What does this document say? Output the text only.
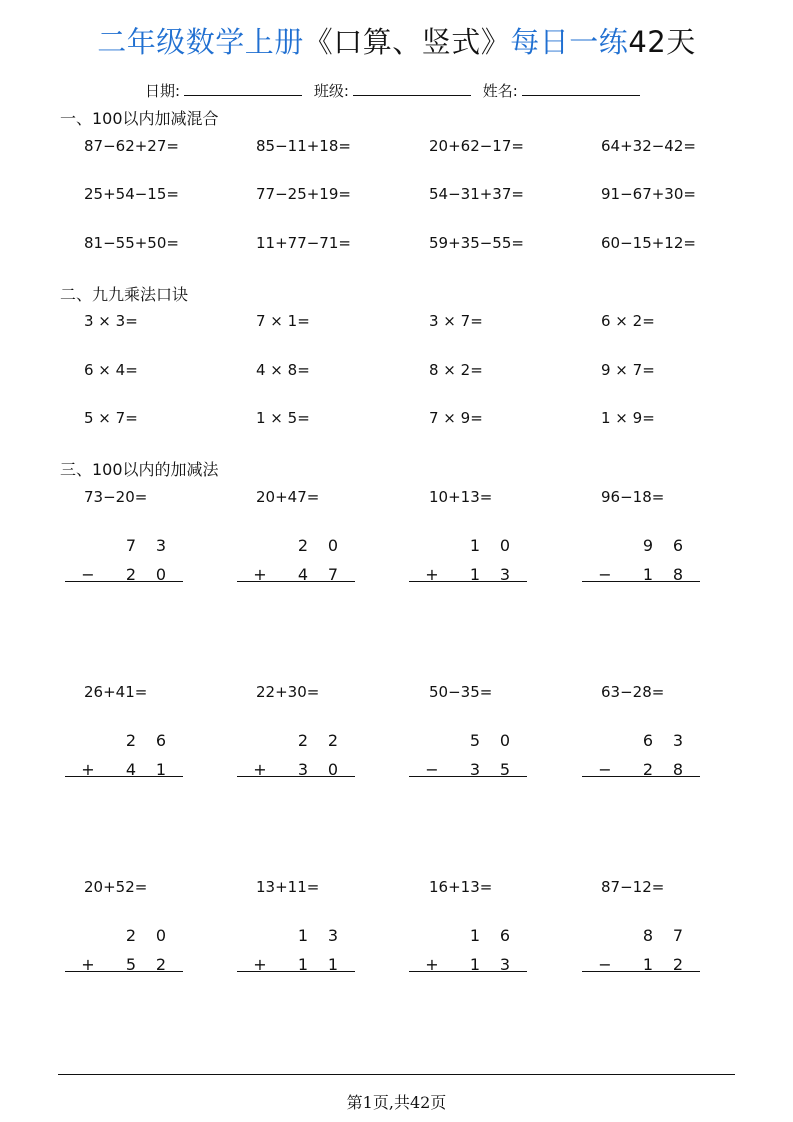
二年级数学上册《口算、竖式》每日一练42天
日期:	班级:	姓名:
一、100以内加减混合
87−62+27=	85−11+18=	20+62−17=	64+32−42=
25+54−15=	77−25+19=	54−31+37=	91−67+30=
81−55+50=	11+77−71=	59+35−55=	60−15+12=
二、九九乘法口诀
3 × 3=	7 × 1=	3 × 7=	6 × 2=
6 × 4=	4 × 8=	8 × 2=	9 × 7=
5 × 7=	1 × 5=	7 × 9=	1 × 9=
三、100以内的加减法
73−20=
7 3
− 2 0
20+47=
2 0
+ 4 7
10+13=
1 0
+ 1 3
96−18=
9 6
− 1 8
26+41=
2 6
+ 4 1
22+30=
2 2
+ 3 0
50−35=
5 0
− 3 5
63−28=
6 3
− 2 8
20+52=
2 0
+ 5 2
13+11=
1 3
+ 1 1
16+13=
1 6
+ 1 3
87−12=
8 7
− 1 2
第1页,共42页
